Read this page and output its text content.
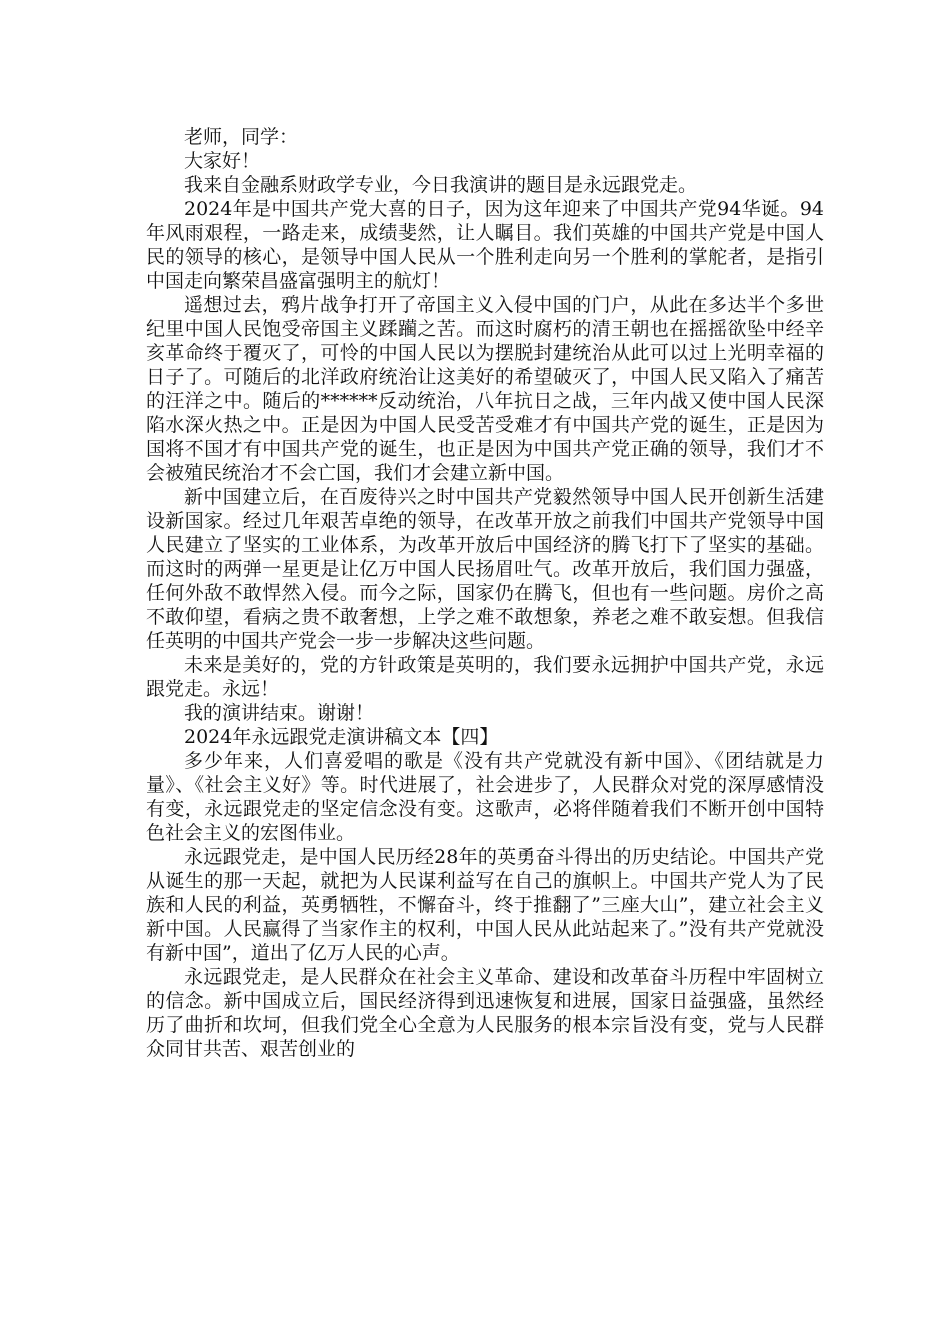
老师，同学：

大家好！

我来自金融系财政学专业，今日我演讲的题目是永远跟党走。

2024年是中国共产党大喜的日子，因为这年迎来了中国共产党94华诞。94年风雨艰程，一路走来，成绩斐然，让人瞩目。我们英雄的中国共产党是中国人民的领导的核心，是领导中国人民从一个胜利走向另一个胜利的掌舵者，是指引中国走向繁荣昌盛富强明主的航灯！

遥想过去，鸦片战争打开了帝国主义入侵中国的门户，从此在多达半个多世纪里中国人民饱受帝国主义蹂躏之苦。而这时腐朽的清王朝也在摇摇欲坠中经辛亥革命终于覆灭了，可怜的中国人民以为摆脱封建统治从此可以过上光明幸福的日子了。可随后的北洋政府统治让这美好的希望破灭了，中国人民又陷入了痛苦的汪洋之中。随后的******反动统治，八年抗日之战，三年内战又使中国人民深陷水深火热之中。正是因为中国人民受苦受难才有中国共产党的诞生，正是因为国将不国才有中国共产党的诞生，也正是因为中国共产党正确的领导，我们才不会被殖民统治才不会亡国，我们才会建立新中国。

新中国建立后，在百废待兴之时中国共产党毅然领导中国人民开创新生活建设新国家。经过几年艰苦卓绝的领导，在改革开放之前我们中国共产党领导中国人民建立了坚实的工业体系，为改革开放后中国经济的腾飞打下了坚实的基础。而这时的两弹一星更是让亿万中国人民扬眉吐气。改革开放后，我们国力强盛，任何外敌不敢悍然入侵。而今之际，国家仍在腾飞，但也有一些问题。房价之高不敢仰望，看病之贵不敢奢想，上学之难不敢想象，养老之难不敢妄想。但我信任英明的中国共产党会一步一步解决这些问题。

未来是美好的，党的方针政策是英明的，我们要永远拥护中国共产党，永远跟党走。永远！

我的演讲结束。谢谢！

2024年永远跟党走演讲稿文本【四】

多少年来，人们喜爱唱的歌是《没有共产党就没有新中国》、《团结就是力量》、《社会主义好》等。时代进展了，社会进步了，人民群众对党的深厚感情没有变，永远跟党走的坚定信念没有变。这歌声，必将伴随着我们不断开创中国特色社会主义的宏图伟业。

永远跟党走，是中国人民历经28年的英勇奋斗得出的历史结论。中国共产党从诞生的那一天起，就把为人民谋利益写在自己的旗帜上。中国共产党人为了民族和人民的利益，英勇牺牲，不懈奋斗，终于推翻了”三座大山”，建立社会主义新中国。人民赢得了当家作主的权利，中国人民从此站起来了。”没有共产党就没有新中国”，道出了亿万人民的心声。

永远跟党走，是人民群众在社会主义革命、建设和改革奋斗历程中牢固树立的信念。新中国成立后，国民经济得到迅速恢复和进展，国家日益强盛，虽然经历了曲折和坎坷，但我们党全心全意为人民服务的根本宗旨没有变，党与人民群众同甘共苦、艰苦创业的
